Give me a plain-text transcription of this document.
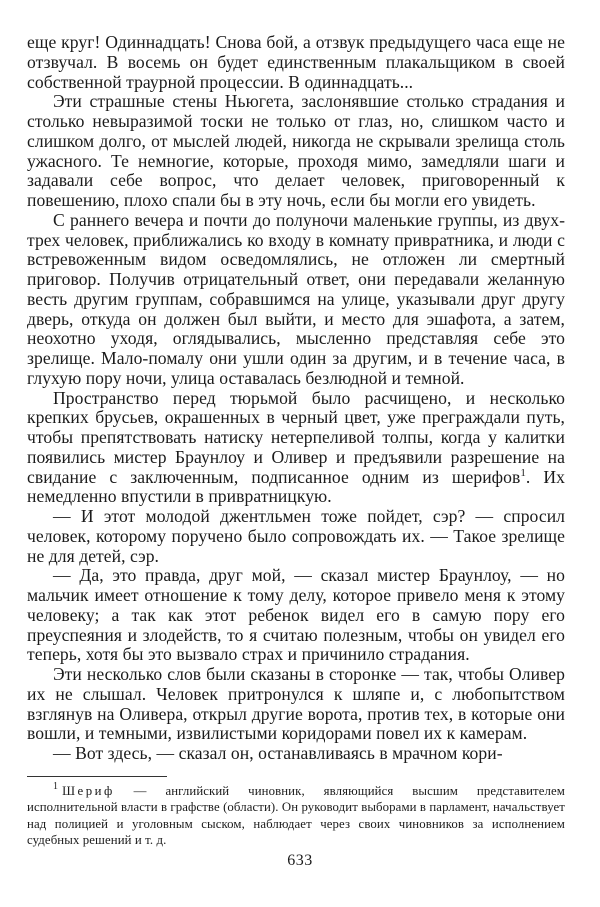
еще круг! Одиннадцать! Снова бой, а отзвук предыдущего часа еще не отзвучал. В восемь он будет единственным плакальщиком в своей собственной траурной процессии. В одиннадцать...

Эти страшные стены Ньюгета, заслонявшие столько страдания и столько невыразимой тоски не только от глаз, но, слишком часто и слишком долго, от мыслей людей, никогда не скрывали зрелища столь ужасного. Те немногие, которые, проходя мимо, замедляли шаги и задавали себе вопрос, что делает человек, приговоренный к повешению, плохо спали бы в эту ночь, если бы могли его увидеть.

С раннего вечера и почти до полуночи маленькие группы, из двух-трех человек, приближались ко входу в комнату привратника, и люди с встревоженным видом осведомлялись, не отложен ли смертный приговор. Получив отрицательный ответ, они передавали желанную весть другим группам, собравшимся на улице, указывали друг другу дверь, откуда он должен был выйти, и место для эшафота, а затем, неохотно уходя, оглядывались, мысленно представляя себе это зрелище. Мало-помалу они ушли один за другим, и в течение часа, в глухую пору ночи, улица оставалась безлюдной и темной.

Пространство перед тюрьмой было расчищено, и несколько крепких брусьев, окрашенных в черный цвет, уже преграждали путь, чтобы препятствовать натиску нетерпеливой толпы, когда у калитки появились мистер Браунлоу и Оливер и предъявили разрешение на свидание с заключенным, подписанное одним из шерифов$^1$. Их немедленно впустили в привратницкую.

— И этот молодой джентльмен тоже пойдет, сэр? — спросил человек, которому поручено было сопровождать их. — Такое зрелище не для детей, сэр.

— Да, это правда, друг мой, — сказал мистер Браунлоу, — но мальчик имеет отношение к тому делу, которое привело меня к этому человеку; а так как этот ребенок видел его в самую пору его преуспеяния и злодейств, то я считаю полезным, чтобы он увидел его теперь, хотя бы это вызвало страх и причинило страдания.

Эти несколько слов были сказаны в сторонке — так, чтобы Оливер их не слышал. Человек притронулся к шляпе и, с любопытством взглянув на Оливера, открыл другие ворота, против тех, в которые они вошли, и темными, извилистыми коридорами повел их к камерам.

— Вот здесь, — сказал он, останавливаясь в мрачном кори-

$^1$ Шериф — английский чиновник, являющийся высшим представителем исполнительной власти в графстве (области). Он руководит выборами в парламент, начальствует над полицией и уголовным сыском, наблюдает через своих чиновников за исполнением судебных решений и т. д.

633
